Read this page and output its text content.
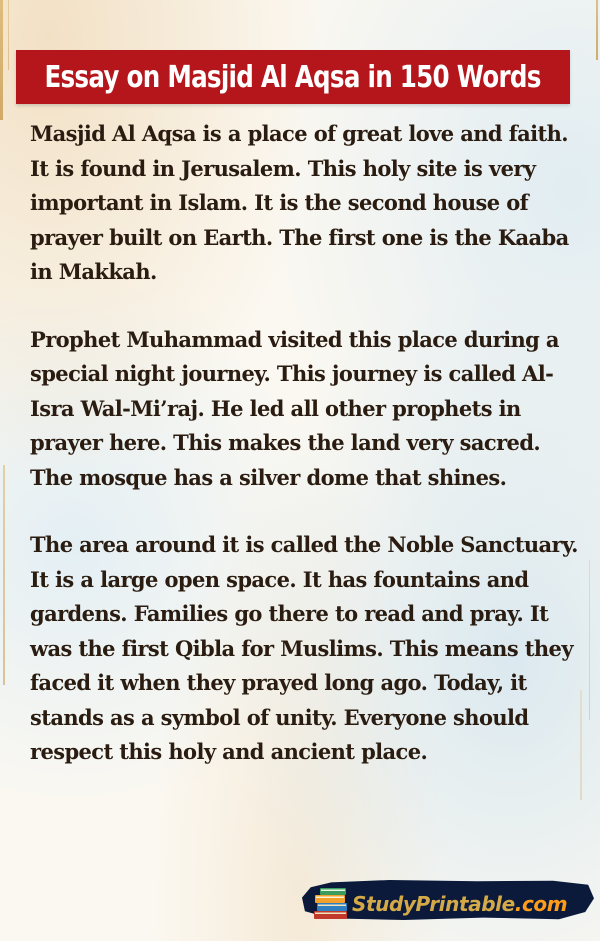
Essay on Masjid Al Aqsa in 150 Words

Masjid Al Aqsa is a place of great love and faith. It is found in Jerusalem. This holy site is very important in Islam. It is the second house of prayer built on Earth. The first one is the Kaaba in Makkah.

Prophet Muhammad visited this place during a special night journey. This journey is called Al-Isra Wal-Mi’raj. He led all other prophets in prayer here. This makes the land very sacred. The mosque has a silver dome that shines.

The area around it is called the Noble Sanctuary. It is a large open space. It has fountains and gardens. Families go there to read and pray. It was the first Qibla for Muslims. This means they faced it when they prayed long ago. Today, it stands as a symbol of unity. Everyone should respect this holy and ancient place.

StudyPrintable.com
